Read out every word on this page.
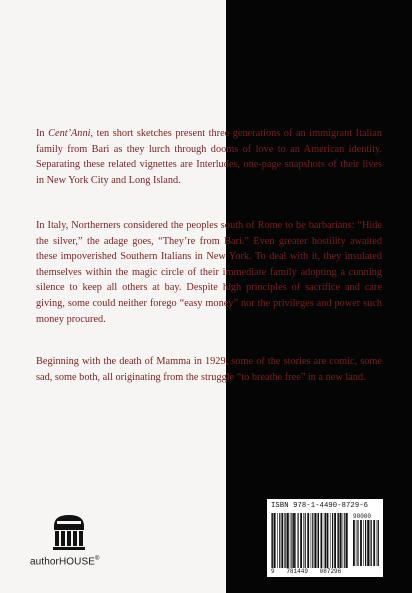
In Cent’Anni, ten short sketches present three generations of an immigrant Italian family from Bari as they lurch through dooms of love to an American identity. Separating these related vignettes are Interludes, one-page snapshots of their lives in New York City and Long Island.

In Italy, Northerners considered the peoples south of Rome to be barbarians: “Hide the silver,” the adage goes, “They’re from Bari.” Even greater hostility awaited these impoverished Southern Italians in New York. To deal with it, they insulated themselves within the magic circle of their immediate family adopting a cunning silence to keep all others at bay. Despite high principles of sacrifice and care giving, some could neither forego “easy money” nor the privileges and power such money procured.

Beginning with the death of Mamma in 1929, some of the stories are comic, some sad, some both, all originating from the struggle “to breathe free” in a new land.

authorHOUSE®
ISBN 978-1-4490-8729-6
90000
9 781449 087296
